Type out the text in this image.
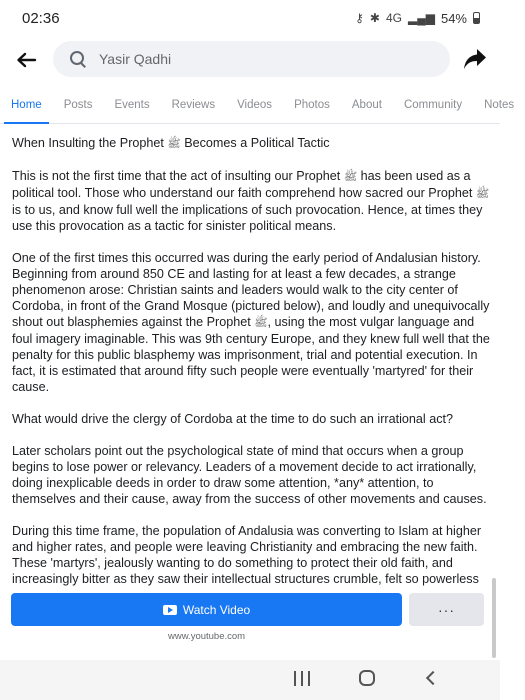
02:36	⚷ ✱ 4G ▂▄▆ 54%
Yasir Qadhi
Home	Posts	Events	Reviews	Videos	Photos	About	Community	Notes

When Insulting the Prophet ﷺ Becomes a Political Tactic

This is not the first time that the act of insulting our Prophet ﷺ has been used as a political tool. Those who understand our faith comprehend how sacred our Prophet ﷺ is to us, and know full well the implications of such provocation. Hence, at times they use this provocation as a tactic for sinister political means.

One of the first times this occurred was during the early period of Andalusian history. Beginning from around 850 CE and lasting for at least a few decades, a strange phenomenon arose: Christian saints and leaders would walk to the city center of Cordoba, in front of the Grand Mosque (pictured below), and loudly and unequivocally shout out blasphemies against the Prophet ﷺ, using the most vulgar language and foul imagery imaginable. This was 9th century Europe, and they knew full well that the penalty for this public blasphemy was imprisonment, trial and potential execution. In fact, it is estimated that around fifty such people were eventually 'martyred' for their cause.

What would drive the clergy of Cordoba at the time to do such an irrational act?

Later scholars point out the psychological state of mind that occurs when a group begins to lose power or relevancy. Leaders of a movement decide to act irrationally, doing inexplicable deeds in order to draw some attention, *any* attention, to themselves and their cause, away from the success of other movements and causes.

During this time frame, the population of Andalusia was converting to Islam at higher and higher rates, and people were leaving Christianity and embracing the new faith. These 'martyrs', jealously wanting to do something to protect their old faith, and increasingly bitter as they saw their intellectual structures crumble, felt so powerless

Watch Video	···
www.youtube.com
